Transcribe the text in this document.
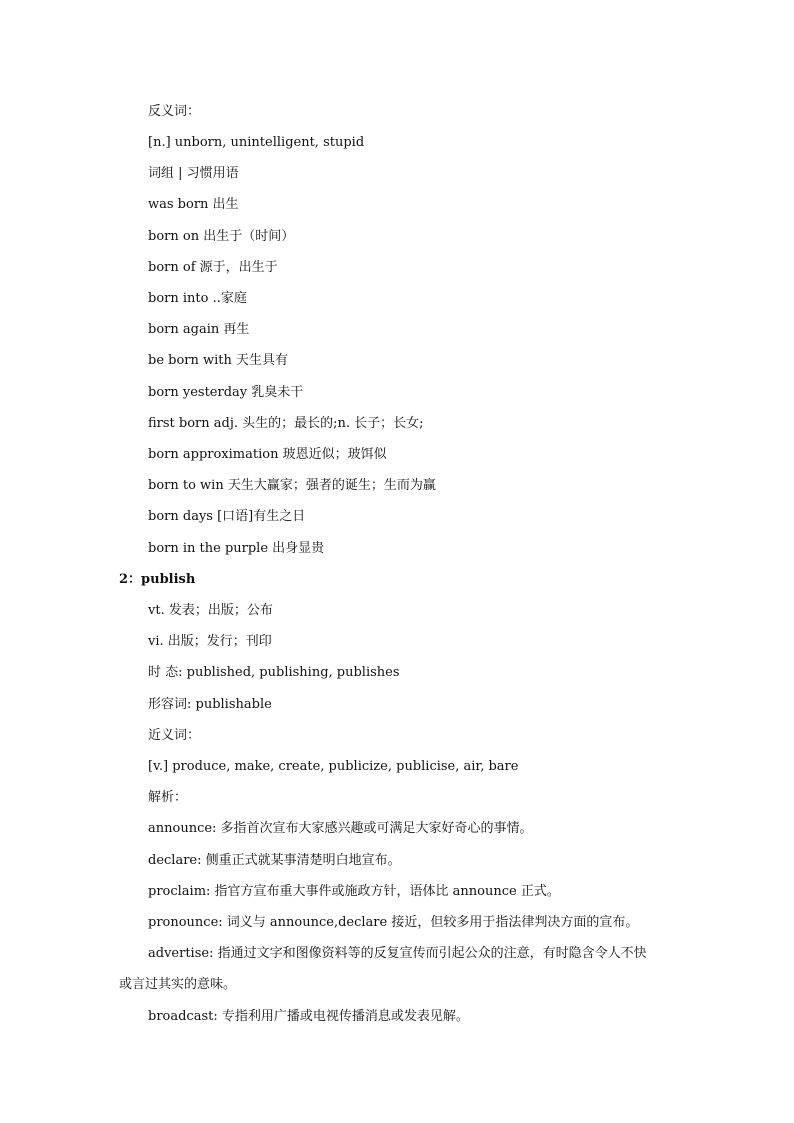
反义词：
[n.] unborn, unintelligent, stupid
词组 | 习惯用语
was born 出生
born on 出生于（时间）
born of 源于，出生于
born into ..家庭
born again 再生
be born with 天生具有
born yesterday 乳臭未干
first born adj. 头生的；最长的;n. 长子；长女;
born approximation 玻恩近似；玻饵似
born to win 天生大赢家；强者的诞生；生而为赢
born days [口语]有生之日
born in the purple 出身显贵
2：publish
vt. 发表；出版；公布
vi. 出版；发行；刊印
时 态: published, publishing, publishes
形容词: publishable
近义词：
[v.] produce, make, create, publicize, publicise, air, bare
解析：
announce: 多指首次宣布大家感兴趣或可满足大家好奇心的事情。
declare: 侧重正式就某事清楚明白地宣布。
proclaim: 指官方宣布重大事件或施政方针，语体比 announce 正式。
pronounce: 词义与 announce,declare 接近，但较多用于指法律判决方面的宣布。
advertise: 指通过文字和图像资料等的反复宣传而引起公众的注意，有时隐含令人不快
或言过其实的意味。
broadcast: 专指利用广播或电视传播消息或发表见解。
